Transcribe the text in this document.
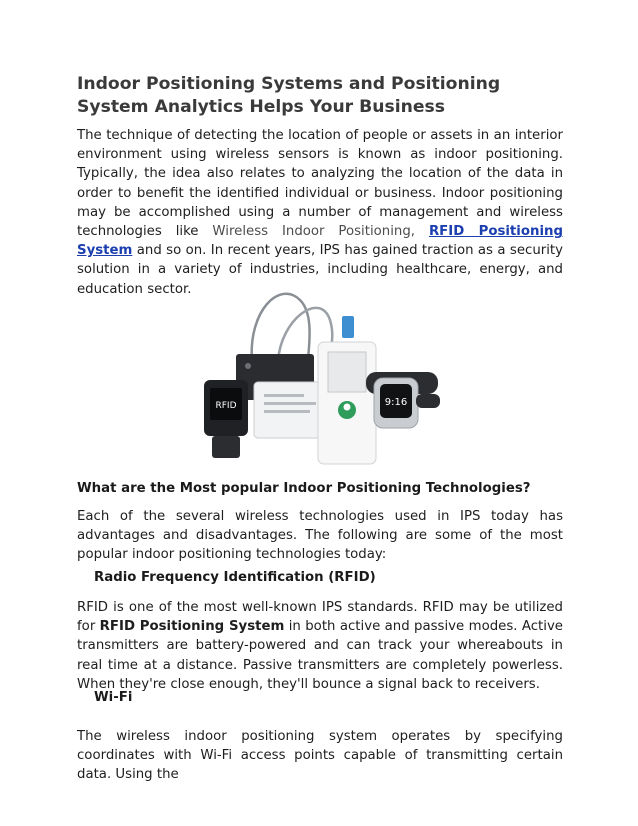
Indoor Positioning Systems and Positioning System Analytics Helps Your Business

The technique of detecting the location of people or assets in an interior environment using wireless sensors is known as indoor positioning. Typically, the idea also relates to analyzing the location of the data in order to benefit the identified individual or business. Indoor positioning may be accomplished using a number of management and wireless technologies like Wireless Indoor Positioning, RFID Positioning System and so on. In recent years, IPS has gained traction as a security solution in a variety of industries, including healthcare, energy, and education sector.

What are the Most popular Indoor Positioning Technologies?

Each of the several wireless technologies used in IPS today has advantages and disadvantages. The following are some of the most popular indoor positioning technologies today:

Radio Frequency Identification (RFID)

RFID is one of the most well-known IPS standards. RFID may be utilized for RFID Positioning System in both active and passive modes. Active transmitters are battery-powered and can track your whereabouts in real time at a distance. Passive transmitters are completely powerless. When they're close enough, they'll bounce a signal back to receivers.

Wi-Fi

The wireless indoor positioning system operates by specifying coordinates with Wi-Fi access points capable of transmitting certain data. Using the

RFID	9:16
